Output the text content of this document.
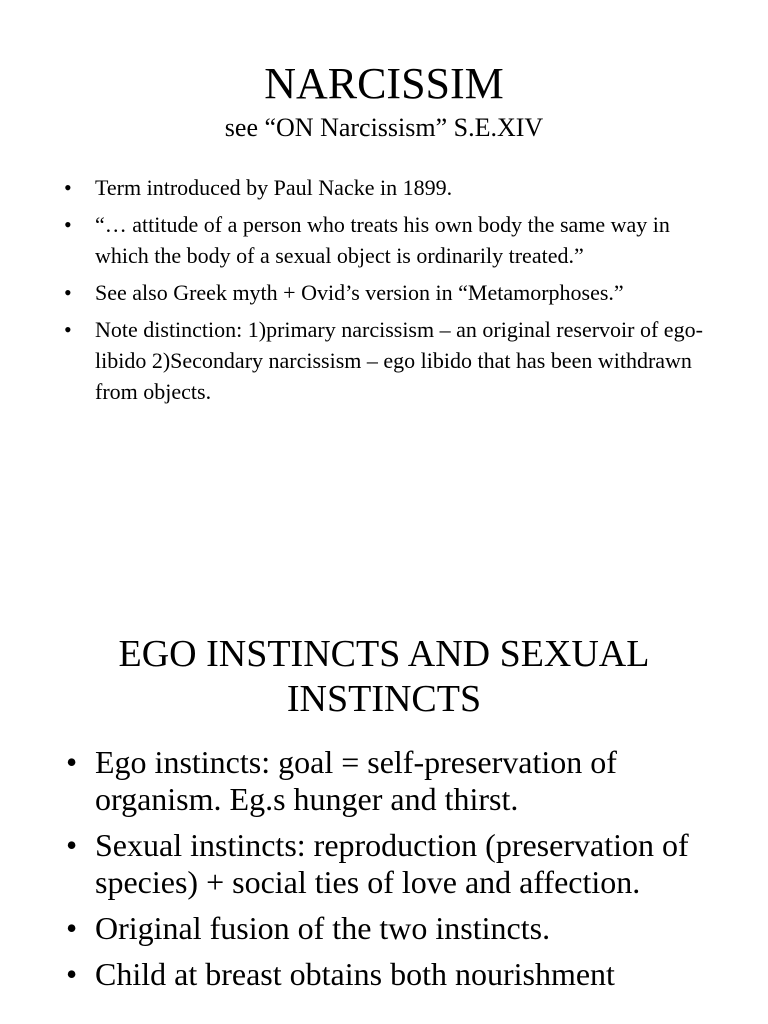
NARCISSIM
see “ON Narcissism” S.E.XIV
• Term introduced by Paul Nacke in 1899.
• “… attitude of a person who treats his own body the same way in which the body of a sexual object is ordinarily treated.”
• See also Greek myth + Ovid’s version in “Metamorphoses.”
• Note distinction: 1)primary narcissism – an original reservoir of ego-libido 2)Secondary narcissism – ego libido that has been withdrawn from objects.
EGO INSTINCTS AND SEXUAL
INSTINCTS
• Ego instincts: goal = self-preservation of organism. Eg.s hunger and thirst.
• Sexual instincts: reproduction (preservation of species) + social ties of love and affection.
• Original fusion of the two instincts.
• Child at breast obtains both nourishment
